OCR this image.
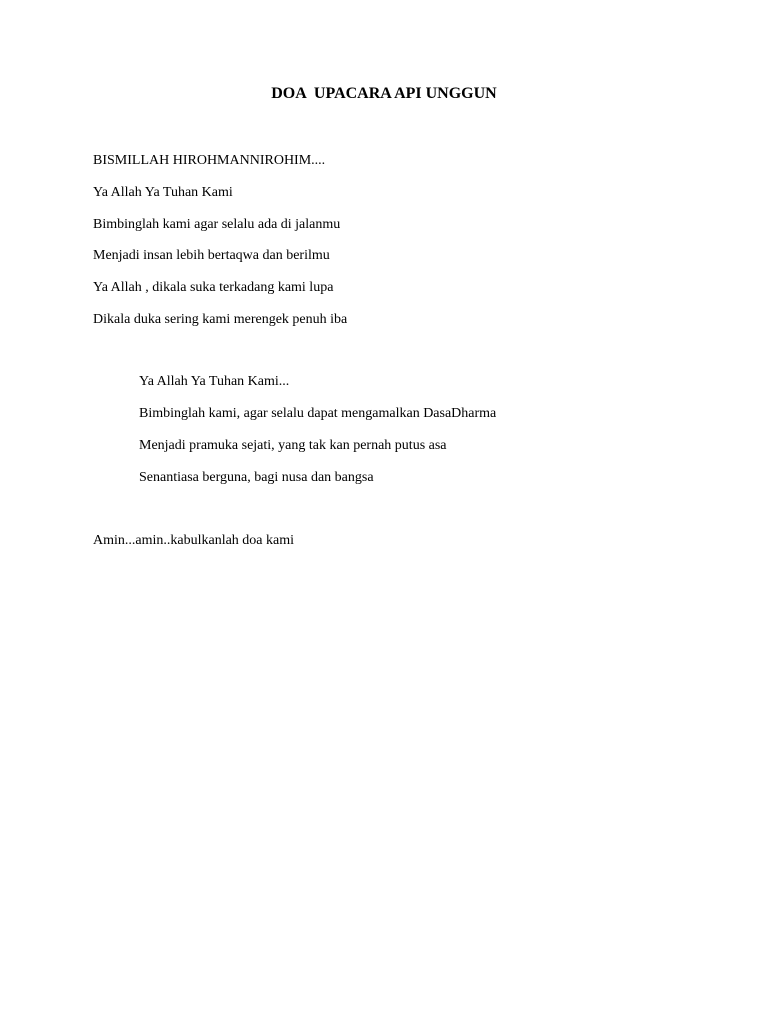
DOA  UPACARA API UNGGUN
BISMILLAH HIROHMANNIROHIM....
Ya Allah Ya Tuhan Kami
Bimbinglah kami agar selalu ada di jalanmu
Menjadi insan lebih bertaqwa dan berilmu
Ya Allah , dikala suka terkadang kami lupa
Dikala duka sering kami merengek penuh iba
Ya Allah Ya Tuhan Kami...
Bimbinglah kami, agar selalu dapat mengamalkan DasaDharma
Menjadi pramuka sejati, yang tak kan pernah putus asa
Senantiasa berguna, bagi nusa dan bangsa
Amin...amin..kabulkanlah doa kami
